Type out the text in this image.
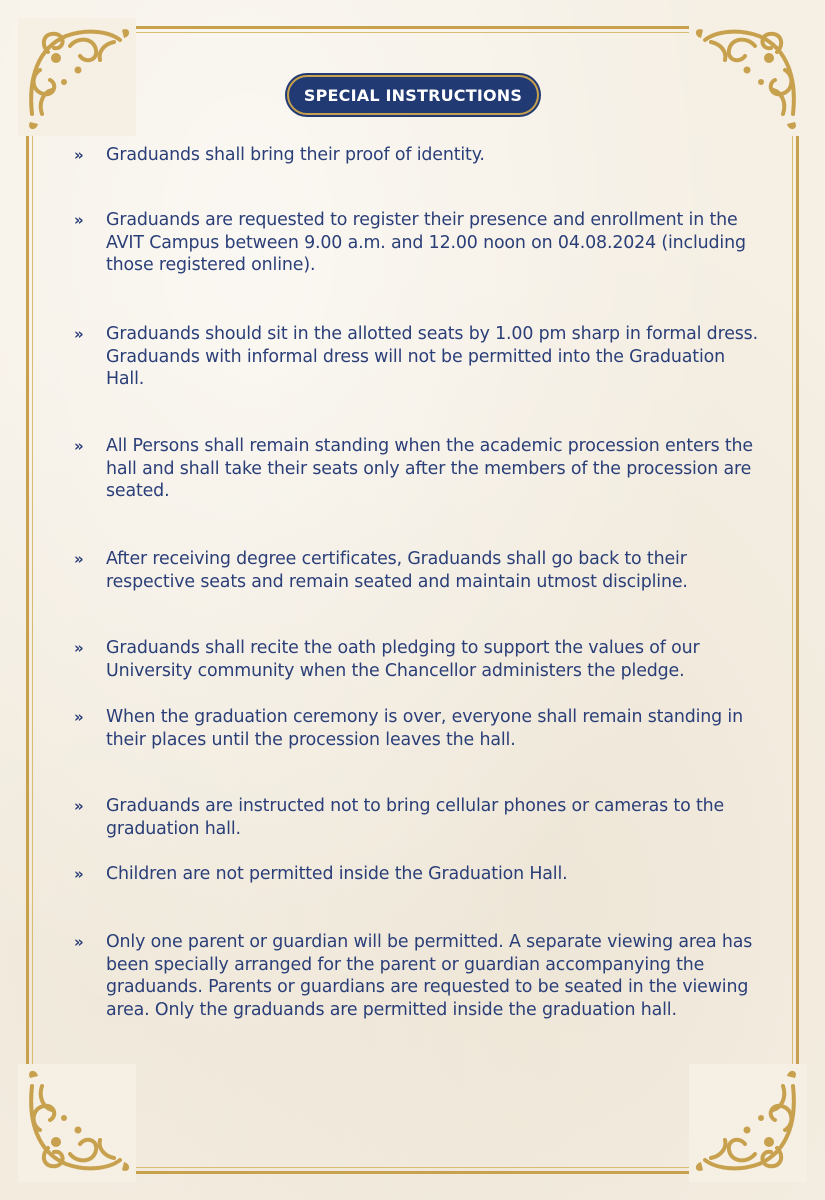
SPECIAL INSTRUCTIONS
» Graduands shall bring their proof of identity.
» Graduands are requested to register their presence and enrollment in the AVIT Campus between 9.00 a.m. and 12.00 noon on 04.08.2024 (including those registered online).
» Graduands should sit in the allotted seats by 1.00 pm sharp in formal dress. Graduands with informal dress will not be permitted into the Graduation Hall.
» All Persons shall remain standing when the academic procession enters the hall and shall take their seats only after the members of the procession are seated.
» After receiving degree certificates, Graduands shall go back to their respective seats and remain seated and maintain utmost discipline.
» Graduands shall recite the oath pledging to support the values of our University community when the Chancellor administers the pledge.
» When the graduation ceremony is over, everyone shall remain standing in their places until the procession leaves the hall.
» Graduands are instructed not to bring cellular phones or cameras to the graduation hall.
» Children are not permitted inside the Graduation Hall.
» Only one parent or guardian will be permitted. A separate viewing area has been specially arranged for the parent or guardian accompanying the graduands. Parents or guardians are requested to be seated in the viewing area. Only the graduands are permitted inside the graduation hall.
